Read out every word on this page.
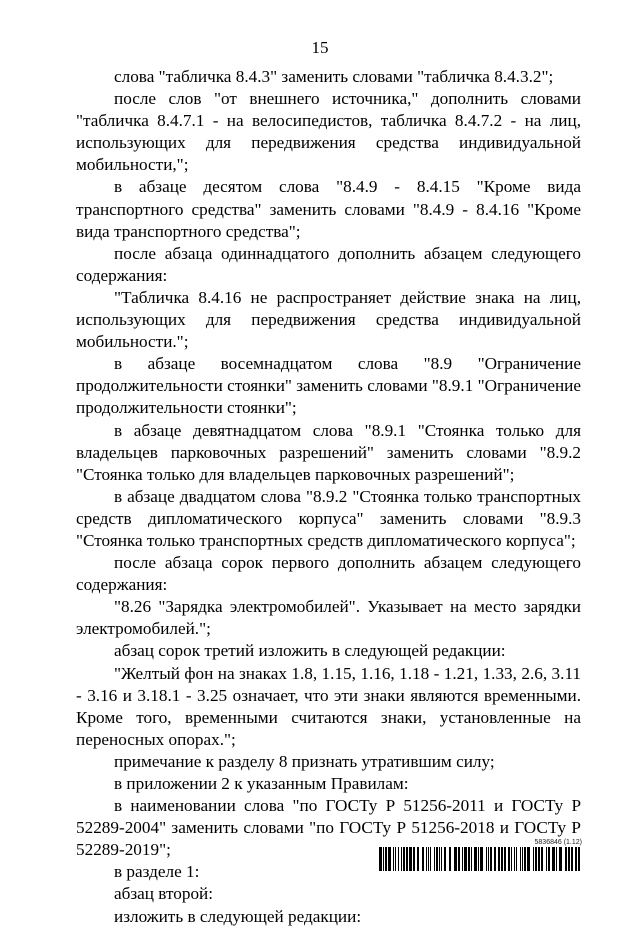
15

слова "табличка 8.4.3" заменить словами "табличка 8.4.3.2";

после слов "от внешнего источника," дополнить словами "табличка 8.4.7.1 - на велосипедистов, табличка 8.4.7.2 - на лиц, использующих для передвижения средства индивидуальной мобильности,";

в абзаце десятом слова "8.4.9 - 8.4.15 "Кроме вида транспортного средства" заменить словами "8.4.9 - 8.4.16 "Кроме вида транспортного средства";

после абзаца одиннадцатого дополнить абзацем следующего содержания:

"Табличка 8.4.16 не распространяет действие знака на лиц, использующих для передвижения средства индивидуальной мобильности.";

в абзаце восемнадцатом слова "8.9 "Ограничение продолжительности стоянки" заменить словами "8.9.1 "Ограничение продолжительности стоянки";

в абзаце девятнадцатом слова "8.9.1 "Стоянка только для владельцев парковочных разрешений" заменить словами "8.9.2 "Стоянка только для владельцев парковочных разрешений";

в абзаце двадцатом слова "8.9.2 "Стоянка только транспортных средств дипломатического корпуса" заменить словами "8.9.3 "Стоянка только транспортных средств дипломатического корпуса";

после абзаца сорок первого дополнить абзацем следующего содержания:

"8.26 "Зарядка электромобилей". Указывает на место зарядки электромобилей.";

абзац сорок третий изложить в следующей редакции:

"Желтый фон на знаках 1.8, 1.15, 1.16, 1.18 - 1.21, 1.33, 2.6, 3.11 - 3.16 и 3.18.1 - 3.25 означает, что эти знаки являются временными. Кроме того, временными считаются знаки, установленные на переносных опорах.";

примечание к разделу 8 признать утратившим силу;

в приложении 2 к указанным Правилам:

в наименовании слова "по ГОСТу Р 51256-2011 и ГОСТу Р 52289-2004" заменить словами "по ГОСТу Р 51256-2018 и ГОСТу Р 52289-2019";

в разделе 1:

абзац второй:

изложить в следующей редакции:

5836846 (1.12)
